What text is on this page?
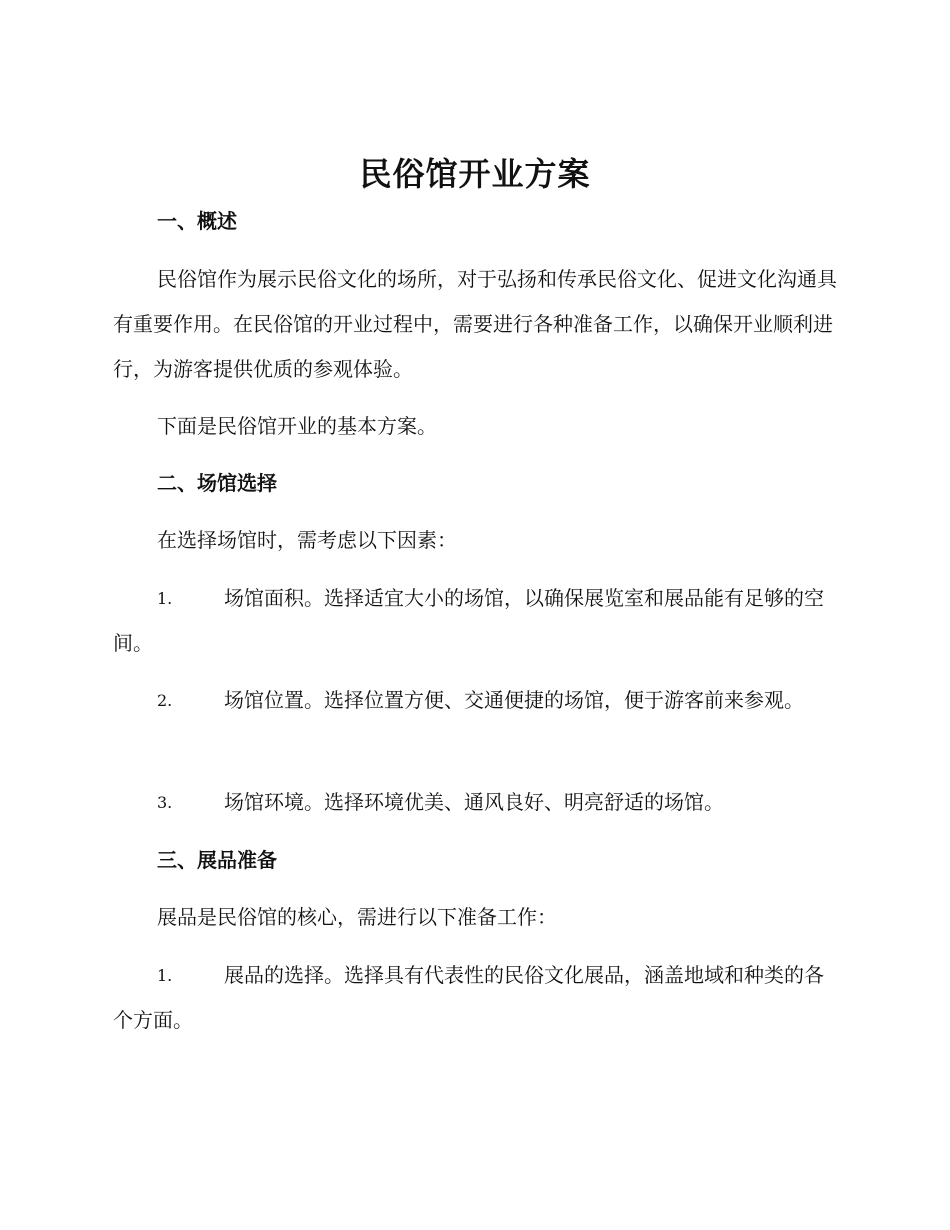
民俗馆开业方案
一、概述
民俗馆作为展示民俗文化的场所，对于弘扬和传承民俗文化、促进文化沟通具有重要作用。在民俗馆的开业过程中，需要进行各种准备工作，以确保开业顺利进行，为游客提供优质的参观体验。
下面是民俗馆开业的基本方案。
二、场馆选择
在选择场馆时，需考虑以下因素：
1.	场馆面积。选择适宜大小的场馆，以确保展览室和展品能有足够的空间。
2.	场馆位置。选择位置方便、交通便捷的场馆，便于游客前来参观。
3.	场馆环境。选择环境优美、通风良好、明亮舒适的场馆。
三、展品准备
展品是民俗馆的核心，需进行以下准备工作：
1.	展品的选择。选择具有代表性的民俗文化展品，涵盖地域和种类的各个方面。
